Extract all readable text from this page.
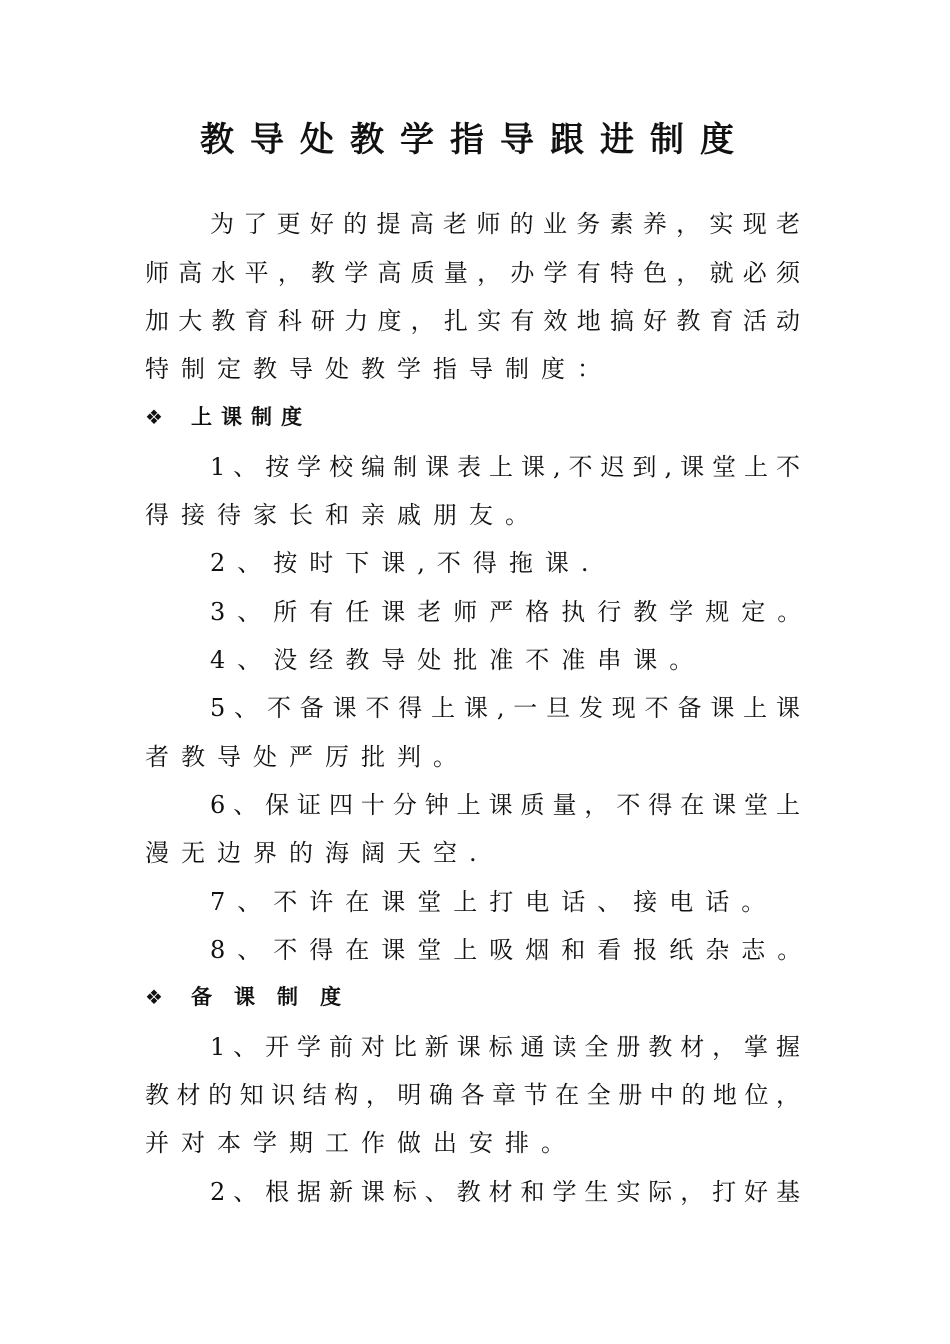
教导处教学指导跟进制度
为了更好的提高老师的业务素养，实现老
师高水平，教学高质量，办学有特色，就必须
加大教育科研力度，扎实有效地搞好教育活动
特制定教导处教学指导制度：
❖ 上课制度
1、按学校编制课表上课,不迟到,课堂上不
得接待家长和亲戚朋友。
2、按时下课,不得拖课.
3、所有任课老师严格执行教学规定。
4、没经教导处批准不准串课。
5、不备课不得上课,一旦发现不备课上课
者教导处严厉批判。
6、保证四十分钟上课质量，不得在课堂上
漫无边界的海阔天空.
7、不许在课堂上打电话、接电话。
8、不得在课堂上吸烟和看报纸杂志。
❖ 备课制度
1、开学前对比新课标通读全册教材，掌握
教材的知识结构，明确各章节在全册中的地位，
并对本学期工作做出安排。
2、根据新课标、教材和学生实际，打好基
